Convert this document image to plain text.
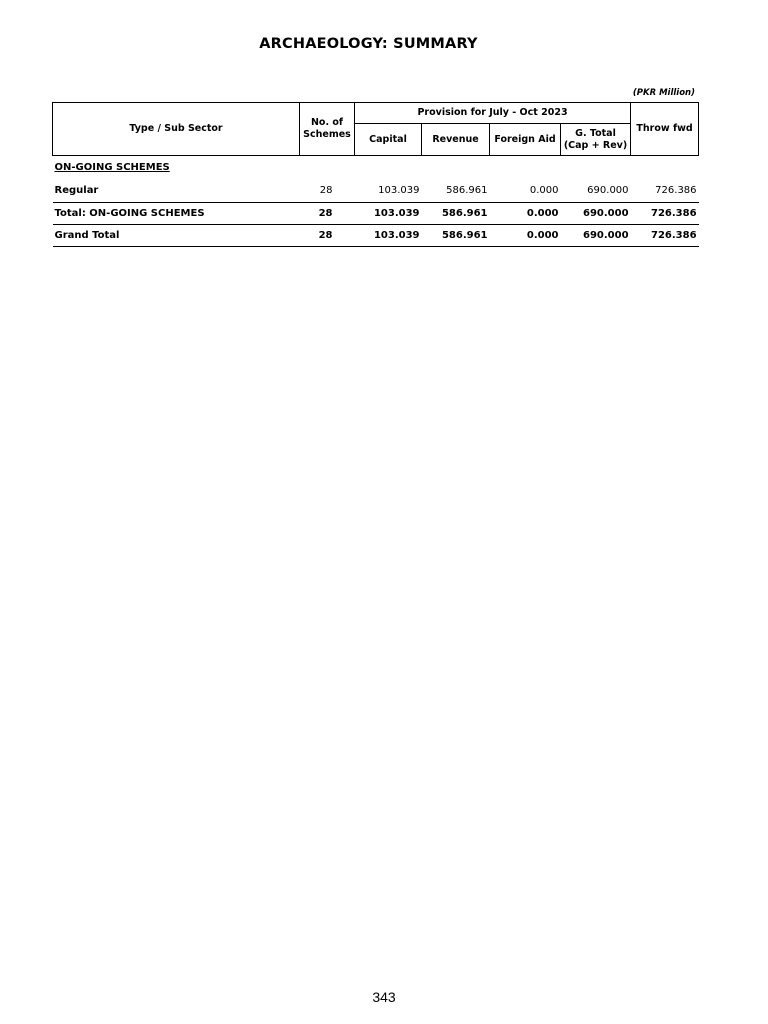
ARCHAEOLOGY: SUMMARY
(PKR Million)
Type / Sub Sector	No. of Schemes	Provision for July - Oct 2023				Throw fwd
		Capital	Revenue	Foreign Aid	G. Total
(Cap + Rev)	

ON-GOING SCHEMES						
Regular	28	103.039	586.961	0.000	690.000	726.386
Total: ON-GOING SCHEMES	28	103.039	586.961	0.000	690.000	726.386
Grand Total	28	103.039	586.961	0.000	690.000	726.386
343
